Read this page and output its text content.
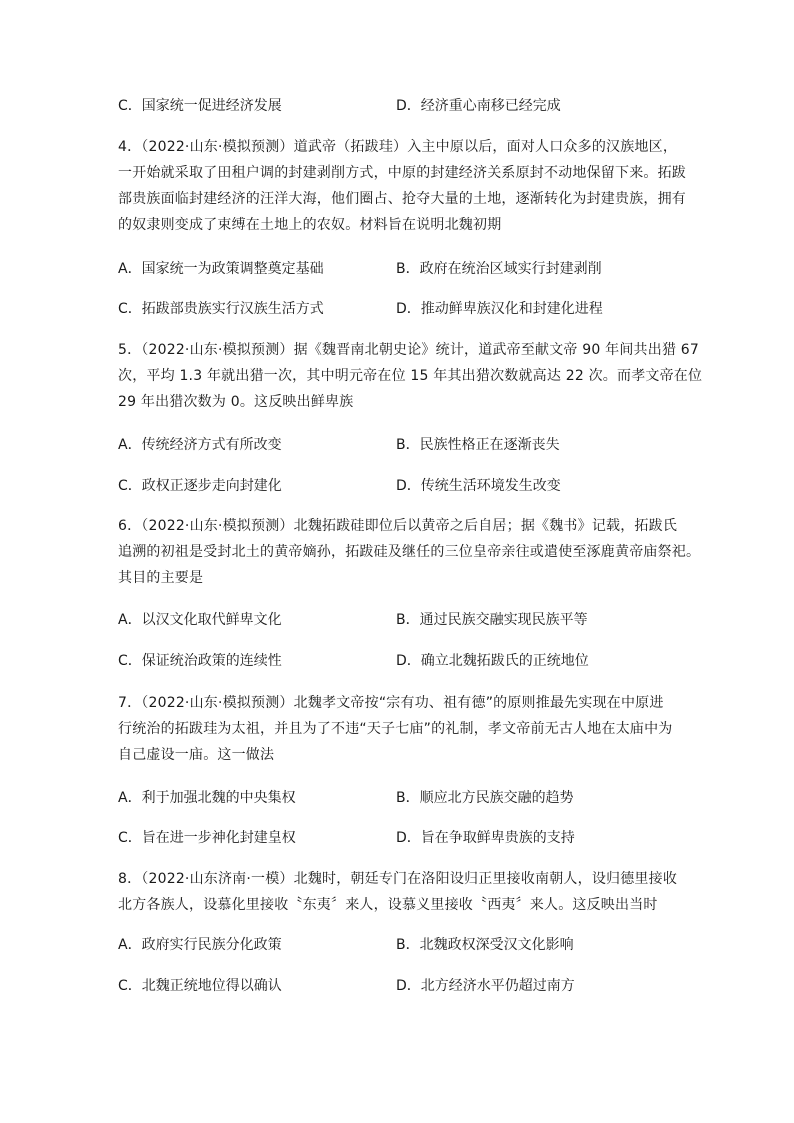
C．国家统一促进经济发展	D．经济重心南移已经完成
4．（2022·山东·模拟预测）道武帝（拓跋珪）入主中原以后，面对人口众多的汉族地区，
一开始就采取了田租户调的封建剥削方式，中原的封建经济关系原封不动地保留下来。拓跋
部贵族面临封建经济的汪洋大海，他们圈占、抢夺大量的土地，逐渐转化为封建贵族，拥有
的奴隶则变成了束缚在土地上的农奴。材料旨在说明北魏初期
A．国家统一为政策调整奠定基础	B．政府在统治区域实行封建剥削
C．拓跋部贵族实行汉族生活方式	D．推动鲜卑族汉化和封建化进程
5．（2022·山东·模拟预测）据《魏晋南北朝史论》统计，道武帝至献文帝 90 年间共出猎 67
次，平均 1.3 年就出猎一次，其中明元帝在位 15 年其出猎次数就高达 22 次。而孝文帝在位
29 年出猎次数为 0。这反映出鲜卑族
A．传统经济方式有所改变	B．民族性格正在逐渐丧失
C．政权正逐步走向封建化	D．传统生活环境发生改变
6．（2022·山东·模拟预测）北魏拓跋硅即位后以黄帝之后自居；据《魏书》记载，拓跋氏
追溯的初祖是受封北土的黄帝嫡孙，拓跋硅及继任的三位皇帝亲往或遣使至涿鹿黄帝庙祭祀。
其目的主要是
A．以汉文化取代鲜卑文化	B．通过民族交融实现民族平等
C．保证统治政策的连续性	D．确立北魏拓跋氏的正统地位
7．（2022·山东·模拟预测）北魏孝文帝按“宗有功、祖有德”的原则推最先实现在中原进
行统治的拓跋珪为太祖，并且为了不违“天子七庙”的礼制，孝文帝前无古人地在太庙中为
自己虚设一庙。这一做法
A．利于加强北魏的中央集权	B．顺应北方民族交融的趋势
C．旨在进一步神化封建皇权	D．旨在争取鲜卑贵族的支持
8．（2022·山东济南·一模）北魏时，朝廷专门在洛阳设归正里接收南朝人，设归德里接收
北方各族人，设慕化里接收〝东夷〞来人，设慕义里接收〝西夷〞来人。这反映出当时
A．政府实行民族分化政策	B．北魏政权深受汉文化影响
C．北魏正统地位得以确认	D．北方经济水平仍超过南方
